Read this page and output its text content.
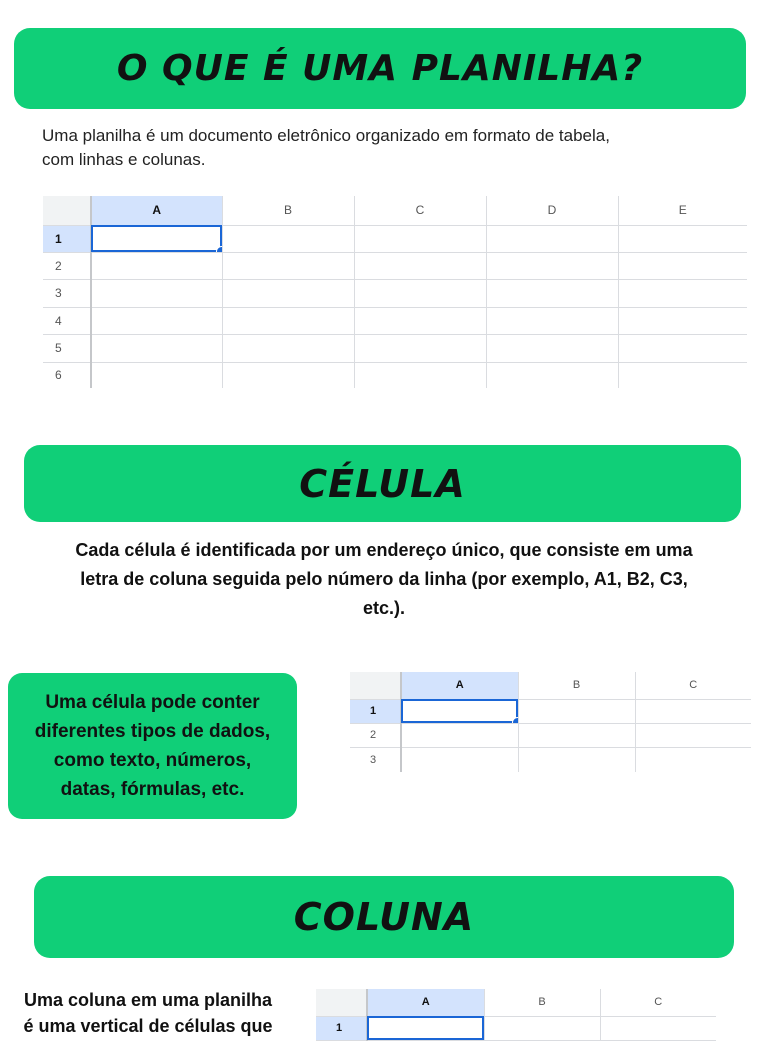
O QUE É UMA PLANILHA?
Uma planilha é um documento eletrônico organizado em formato de tabela,
com linhas e colunas.
	A	B	C	D	E
1	

2					
3					
4					
5					
6					
CÉLULA
Cada célula é identificada por um endereço único, que consiste em uma
letra de coluna seguida pelo número da linha (por exemplo, A1, B2, C3,
etc.).
Uma célula pode conter
diferentes tipos de dados,
como texto, números,
datas, fórmulas, etc.
	A	B	C
1	

2			
3			
COLUNA
Uma coluna em uma planilha
é uma vertical de células que
	A	B	C
1			
